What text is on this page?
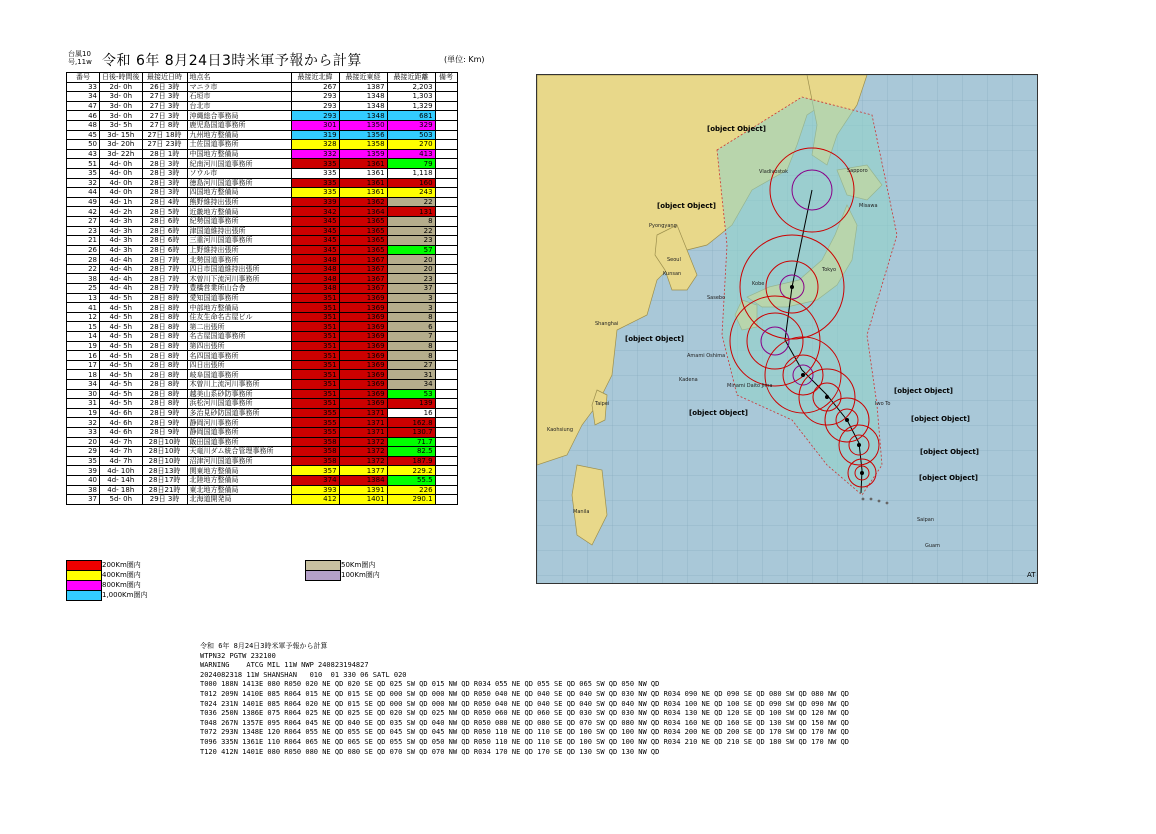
台風10
号,11w 令和 6年 8月24日3時米軍予報から計算	(単位: Km)
番号	日後-時間後	最接近日時	地点名	最接近北緯	最接近東経	最接近距離	備考
33	2d- 0h	26日 3時	マニラ市	267	1387	2,203	
34	3d- 0h	27日 3時	石垣市	293	1348	1,303	
47	3d- 0h	27日 3時	台北市	293	1348	1,329	
46	3d- 0h	27日 3時	沖縄総合事務局	293	1348	681	
48	3d- 5h	27日 8時	鹿児島国道事務所	301	1350	329	
45	3d- 15h	27日 18時	九州地方整備局	319	1356	503	
50	3d- 20h	27日 23時	土佐国道事務所	328	1358	270	
43	3d- 22h	28日 1時	中国地方整備局	332	1359	413	
51	4d- 0h	28日 3時	紀南河川国道事務所	335	1361	79	
35	4d- 0h	28日 3時	ソウル市	335	1361	1,118	
32	4d- 0h	28日 3時	徳島河川国道事務所	335	1361	160	
44	4d- 0h	28日 3時	四国地方整備局	335	1361	243	
49	4d- 1h	28日 4時	熊野維持出張所	339	1362	22	
42	4d- 2h	28日 5時	近畿地方整備局	342	1364	131	
27	4d- 3h	28日 6時	紀勢国道事務所	345	1365	8	
23	4d- 3h	28日 6時	津国道維持出張所	345	1365	22	
21	4d- 3h	28日 6時	三重河川国道事務所	345	1365	23	
26	4d- 3h	28日 6時	上野維持出張所	345	1365	57	
28	4d- 4h	28日 7時	北勢国道事務所	348	1367	20	
22	4d- 4h	28日 7時	四日市国道維持出張所	348	1367	20	
38	4d- 4h	28日 7時	木曽川下流河川事務所	348	1367	23	
25	4d- 4h	28日 7時	豊橋営業所山合舎	348	1367	37	
13	4d- 5h	28日 8時	愛知国道事務所	351	1369	3	
41	4d- 5h	28日 8時	中部地方整備局	351	1369	3	
12	4d- 5h	28日 8時	住友生命名古屋ビル	351	1369	8	
15	4d- 5h	28日 8時	第二出張所	351	1369	6	
14	4d- 5h	28日 8時	名古屋国道事務所	351	1369	7	
19	4d- 5h	28日 8時	第四出張所	351	1369	8	
16	4d- 5h	28日 8時	名四国道事務所	351	1369	8	
17	4d- 5h	28日 8時	四日出張所	351	1369	27	
18	4d- 5h	28日 8時	岐阜国道事務所	351	1369	31	
34	4d- 5h	28日 8時	木曽川上流河川事務所	351	1369	34	
30	4d- 5h	28日 8時	越美山系砂防事務所	351	1369	53	
31	4d- 5h	28日 8時	浜松河川国道事務所	351	1369	139	
19	4d- 6h	28日 9時	多治見砂防国道事務所	355	1371	16	
32	4d- 6h	28日 9時	静岡河川事務所	355	1371	162.8	
33	4d- 6h	28日 9時	静岡国道事務所	355	1371	130.7	
20	4d- 7h	28日10時	飯田国道事務所	358	1372	71.7	
29	4d- 7h	28日10時	天竜川ダム統合管理事務所	358	1372	82.5	
35	4d- 7h	28日10時	沼津河川国道事務所	358	1372	187.9	
39	4d- 10h	28日13時	関東地方整備局	357	1377	229.2	
40	4d- 14h	28日17時	北陸地方整備局	374	1384	55.5	
38	4d- 18h	28日21時	東北地方整備局	393	1391	226	
37	5d- 0h	29日 3時	北海道開発局	412	1401	290.1	
200Km圏内
400Km圏内
800Km圏内
1,000Km圏内
50Km圏内
100Km圏内
[object Object]
[object Object]
[object Object]
[object Object]
[object Object]
[object Object]
[object Object]
[object Object]
Sapporo
Misawa
Vladivostok
Pyongyang
Seoul
Kunsan
Sasebo
Shanghai
Kadena
Minami Daito Jima
Taipei	Iwo To
Manila
Guam
Saipan
Kaohsiung
Amami Oshima
Kobe
Tokyo
AT
令和 6年 8月24日3時米軍予報から計算
WTPN32 PGTW 232100
WARNING    ATCG MIL 11W NWP 240823194827
2024082318 11W SHANSHAN   010  01 330 06 SATL 020
T000 188N 1413E 080 R050 020 NE QD 020 SE QD 025 SW QD 015 NW QD R034 055 NE QD 055 SE QD 065 SW QD 050 NW QD
T012 209N 1410E 085 R064 015 NE QD 015 SE QD 000 SW QD 000 NW QD R050 040 NE QD 040 SE QD 040 SW QD 030 NW QD R034 090 NE QD 090 SE QD 080 SW QD 080 NW QD
T024 231N 1401E 085 R064 020 NE QD 015 SE QD 000 SW QD 000 NW QD R050 040 NE QD 040 SE QD 040 SW QD 040 NW QD R034 100 NE QD 100 SE QD 090 SW QD 090 NW QD
T036 250N 1386E 075 R064 025 NE QD 025 SE QD 020 SW QD 025 NW QD R050 060 NE QD 060 SE QD 030 SW QD 030 NW QD R034 130 NE QD 120 SE QD 100 SW QD 120 NW QD
T048 267N 1357E 095 R064 045 NE QD 040 SE QD 035 SW QD 040 NW QD R050 080 NE QD 080 SE QD 070 SW QD 080 NW QD R034 160 NE QD 160 SE QD 130 SW QD 150 NW QD
T072 293N 1348E 120 R064 055 NE QD 055 SE QD 045 SW QD 045 NW QD R050 110 NE QD 110 SE QD 100 SW QD 100 NW QD R034 200 NE QD 200 SE QD 170 SW QD 170 NW QD
T096 335N 1361E 110 R064 065 NE QD 065 SE QD 055 SW QD 050 NW QD R050 110 NE QD 110 SE QD 100 SW QD 100 NW QD R034 210 NE QD 210 SE QD 180 SW QD 170 NW QD
T120 412N 1401E 080 R050 080 NE QD 080 SE QD 070 SW QD 070 NW QD R034 170 NE QD 170 SE QD 130 SW QD 130 NW QD
